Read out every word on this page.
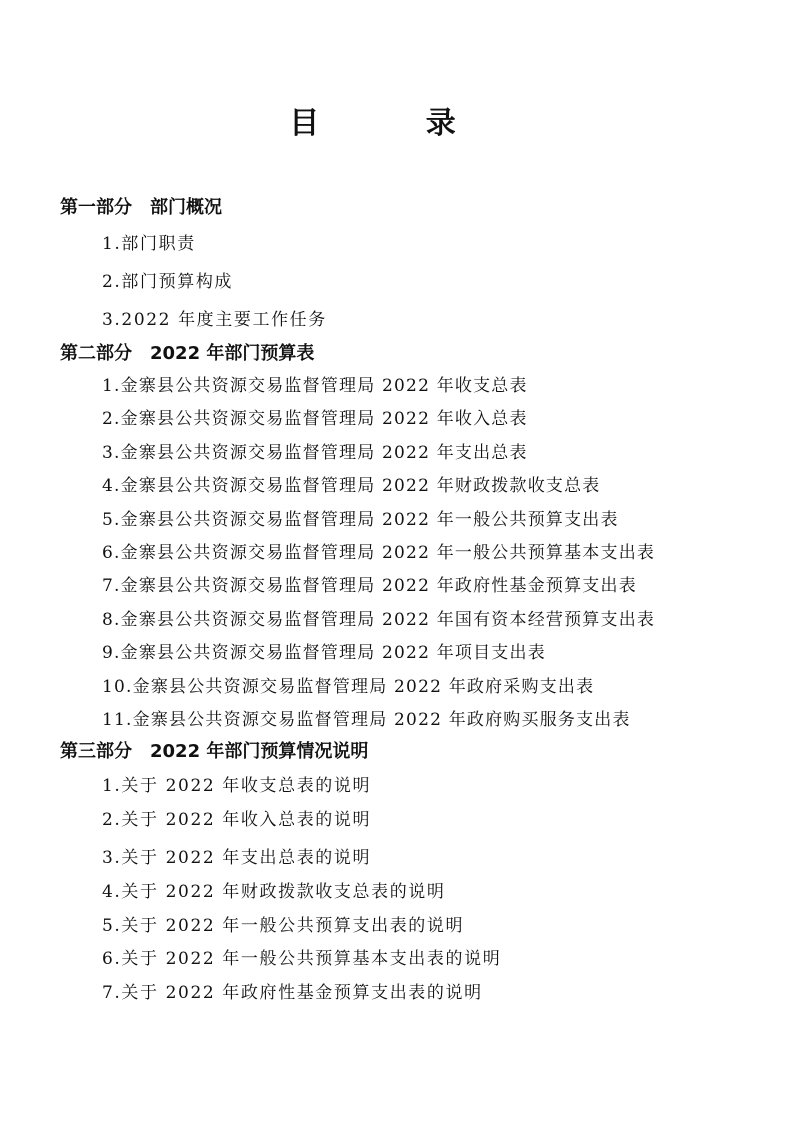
目 录
第一部分　部门概况
1.部门职责
2.部门预算构成
3.2022 年度主要工作任务
第二部分　2022 年部门预算表
1.金寨县公共资源交易监督管理局 2022 年收支总表
2.金寨县公共资源交易监督管理局 2022 年收入总表
3.金寨县公共资源交易监督管理局 2022 年支出总表
4.金寨县公共资源交易监督管理局 2022 年财政拨款收支总表
5.金寨县公共资源交易监督管理局 2022 年一般公共预算支出表
6.金寨县公共资源交易监督管理局 2022 年一般公共预算基本支出表
7.金寨县公共资源交易监督管理局 2022 年政府性基金预算支出表
8.金寨县公共资源交易监督管理局 2022 年国有资本经营预算支出表
9.金寨县公共资源交易监督管理局 2022 年项目支出表
10.金寨县公共资源交易监督管理局 2022 年政府采购支出表
11.金寨县公共资源交易监督管理局 2022 年政府购买服务支出表
第三部分　2022 年部门预算情况说明
1.关于 2022 年收支总表的说明
2.关于 2022 年收入总表的说明
3.关于 2022 年支出总表的说明
4.关于 2022 年财政拨款收支总表的说明
5.关于 2022 年一般公共预算支出表的说明
6.关于 2022 年一般公共预算基本支出表的说明
7.关于 2022 年政府性基金预算支出表的说明
